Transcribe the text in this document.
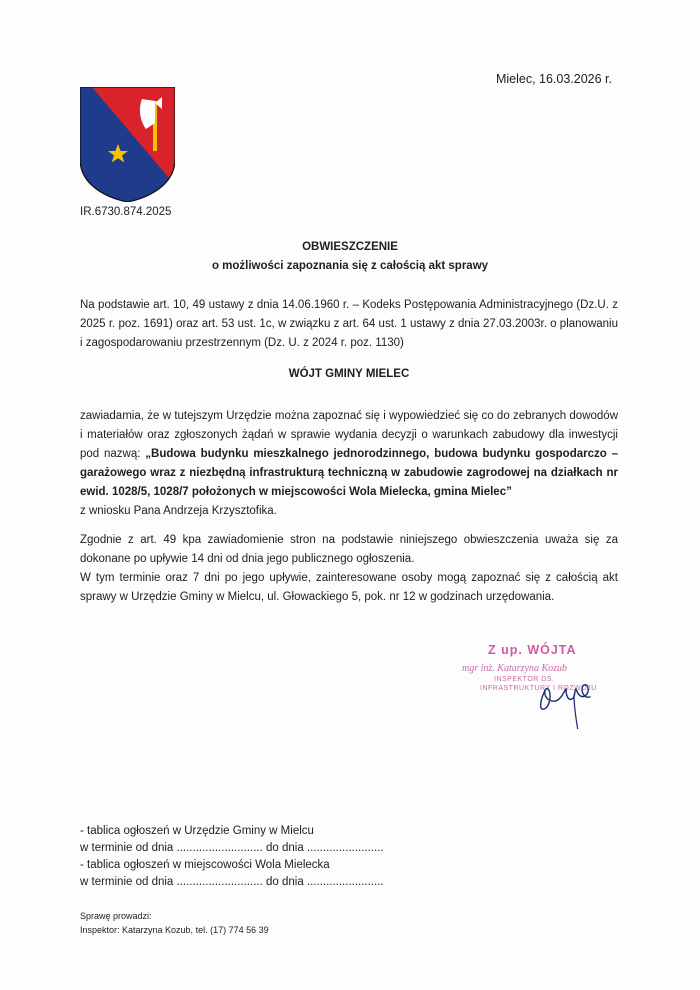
Mielec, 16.03.2026 r.
IR.6730.874.2025
OBWIESZCZENIE
o możliwości zapoznania się z całością akt sprawy

Na podstawie art. 10, 49 ustawy z dnia 14.06.1960 r. – Kodeks Postępowania Administracyjnego (Dz.U. z 2025 r. poz. 1691) oraz art. 53 ust. 1c, w związku z art. 64 ust. 1 ustawy z dnia 27.03.2003r. o planowaniu i zagospodarowaniu przestrzennym (Dz. U. z 2024 r. poz. 1130)

WÓJT GMINY MIELEC

zawiadamia, że w tutejszym Urzędzie można zapoznać się i wypowiedzieć się co do zebranych dowodów i materiałów oraz zgłoszonych żądań w sprawie wydania decyzji o warunkach zabudowy dla inwestycji pod nazwą: „Budowa budynku mieszkalnego jednorodzinnego, budowa budynku gospodarczo – garażowego wraz z niezbędną infrastrukturą techniczną w zabudowie zagrodowej na działkach nr ewid. 1028/5, 1028/7 położonych w miejscowości Wola Mielecka, gmina Mielec”
z wniosku Pana Andrzeja Krzysztofika.

Zgodnie z art. 49 kpa zawiadomienie stron na podstawie niniejszego obwieszczenia uważa się za dokonane po upływie 14 dni od dnia jego publicznego ogłoszenia.
W tym terminie oraz 7 dni po jego upływie, zainteresowane osoby mogą zapoznać się z całością akt sprawy w Urzędzie Gminy w Mielcu, ul. Głowackiego 5, pok. nr 12 w godzinach urzędowania.

Z up. WÓJTA
mgr inż. Katarzyna Kozub
INSPEKTOR DS.
INFRASTRUKTURY I ROZWOJU
- tablica ogłoszeń w Urzędzie Gminy w Mielcu
w terminie od dnia ........................... do dnia ........................
- tablica ogłoszeń w miejscowości Wola Mielecka
w terminie od dnia ........................... do dnia ........................
Sprawę prowadzi:
Inspektor: Katarzyna Kozub, tel. (17) 774 56 39
